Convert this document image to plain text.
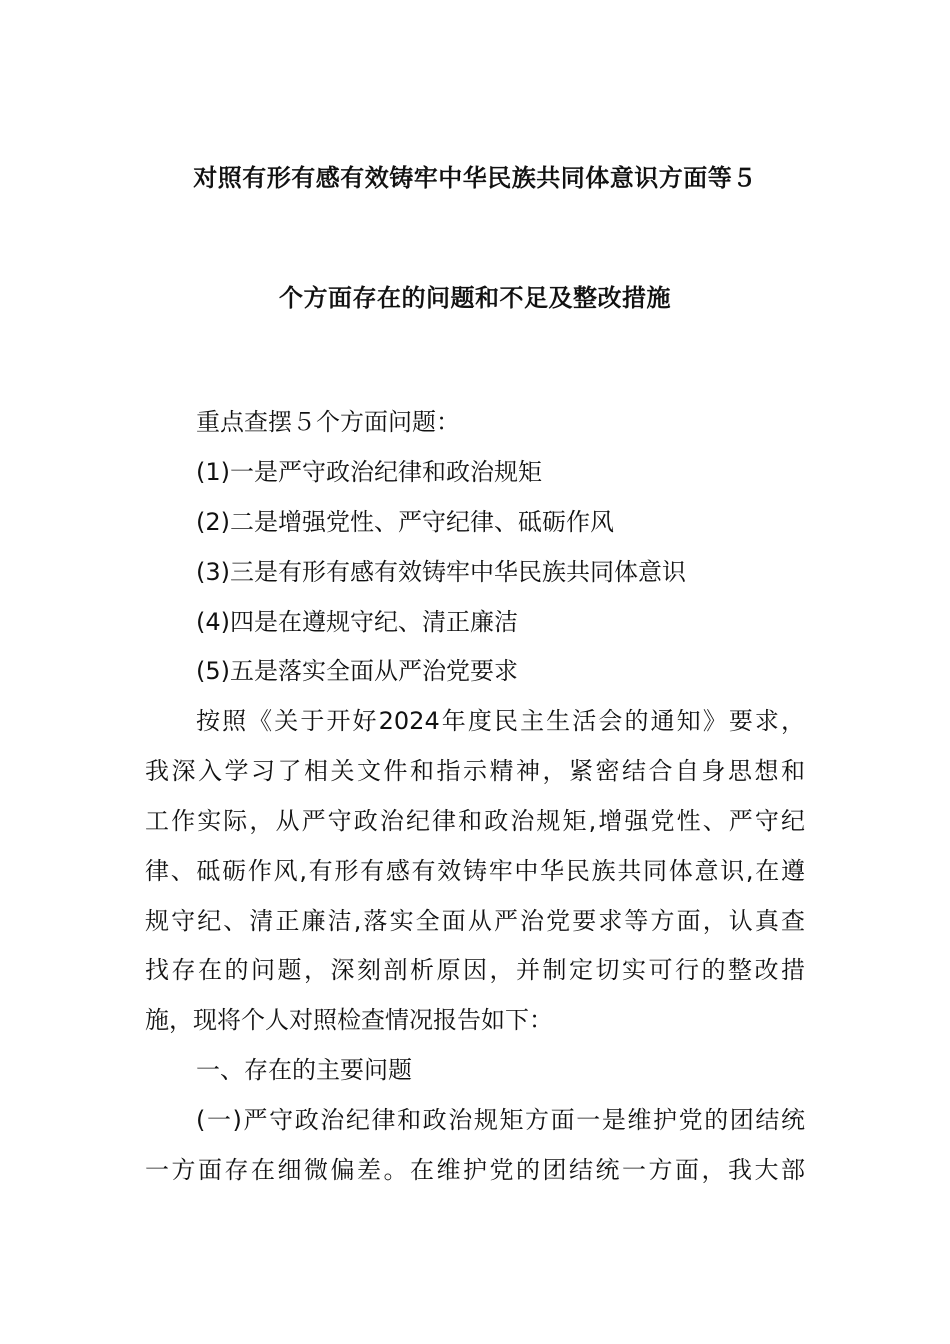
对照有形有感有效铸牢中华民族共同体意识方面等５
个方面存在的问题和不足及整改措施
重点查摆５个方面问题：
(1)一是严守政治纪律和政治规矩
(2)二是增强党性、严守纪律、砥砺作风
(3)三是有形有感有效铸牢中华民族共同体意识
(4)四是在遵规守纪、清正廉洁
(5)五是落实全面从严治党要求
按照《关于开好2024年度民主生活会的通知》要求，
我深入学习了相关文件和指示精神，紧密结合自身思想和
工作实际，从严守政治纪律和政治规矩,增强党性、严守纪
律、砥砺作风,有形有感有效铸牢中华民族共同体意识,在遵
规守纪、清正廉洁,落实全面从严治党要求等方面，认真查
找存在的问题，深刻剖析原因，并制定切实可行的整改措
施，现将个人对照检查情况报告如下：
一、存在的主要问题
(一)严守政治纪律和政治规矩方面一是维护党的团结统
一方面存在细微偏差。在维护党的团结统一方面，我大部
